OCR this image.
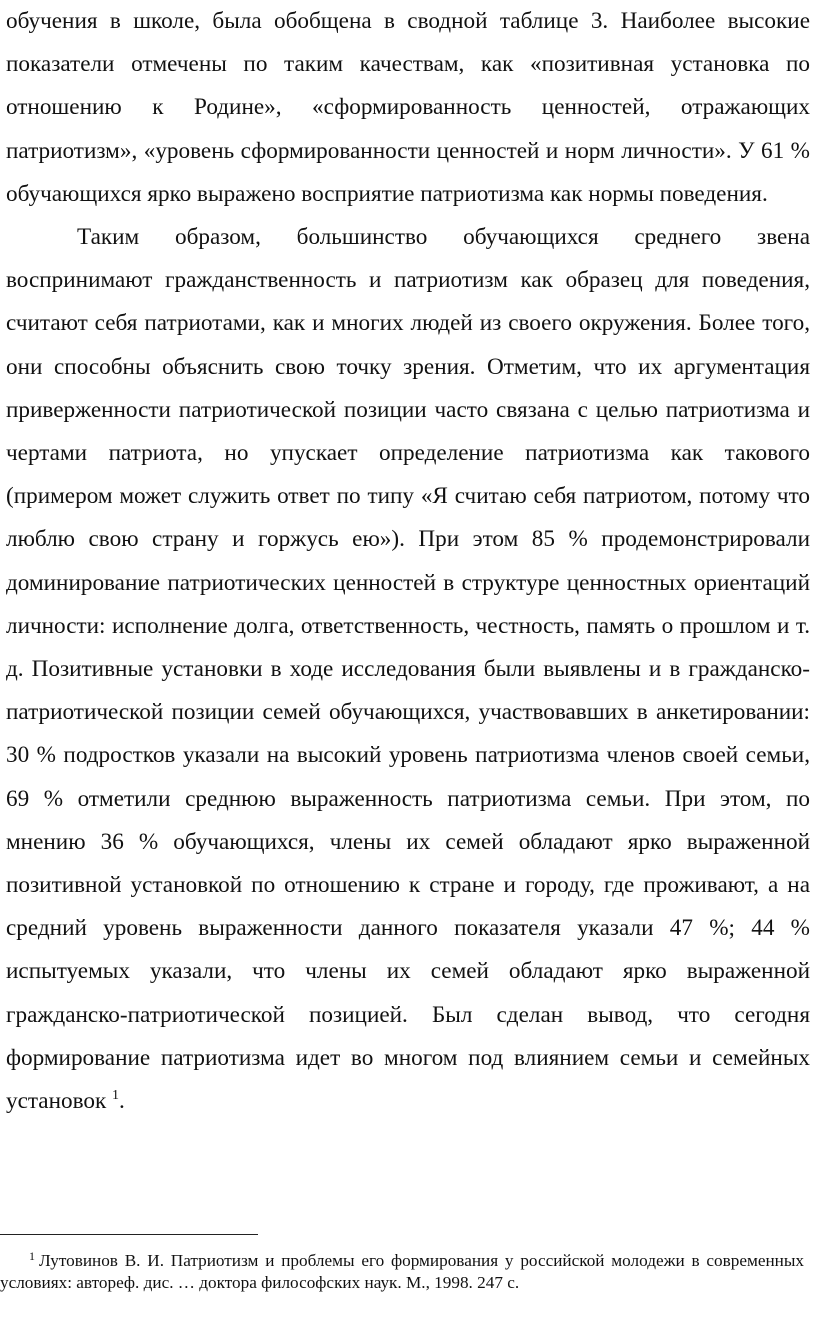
обучения в школе, была обобщена в сводной таблице 3. Наиболее высокие показатели отмечены по таким качествам, как «позитивная установка по отношению к Родине», «сформированность ценностей, отражающих патриотизм», «уровень сформированности ценностей и норм личности». У 61 % обучающихся ярко выражено восприятие патриотизма как нормы поведения.

Таким образом, большинство обучающихся среднего звена воспринимают гражданственность и патриотизм как образец для поведения, считают себя патриотами, как и многих людей из своего окружения. Более того, они способны объяснить свою точку зрения. Отметим, что их аргументация приверженности патриотической позиции часто связана с целью патриотизма и чертами патриота, но упускает определение патриотизма как такового (примером может служить ответ по типу «Я считаю себя патриотом, потому что люблю свою страну и горжусь ею»). При этом 85 % продемонстрировали доминирование патриотических ценностей в структуре ценностных ориентаций личности: исполнение долга, ответственность, честность, память о прошлом и т. д. Позитивные установки в ходе исследования были выявлены и в гражданско-патриотической позиции семей обучающихся, участвовавших в анкетировании: 30 % подростков указали на высокий уровень патриотизма членов своей семьи, 69 % отметили среднюю выраженность патриотизма семьи. При этом, по мнению 36 % обучающихся, члены их семей обладают ярко выраженной позитивной установкой по отношению к стране и городу, где проживают, а на средний уровень выраженности данного показателя указали 47 %; 44 % испытуемых указали, что члены их семей обладают ярко выраженной гражданско-патриотической позицией. Был сделан вывод, что сегодня формирование патриотизма идет во многом под влиянием семьи и семейных установок $^1$.

$^1$ Лутовинов В. И. Патриотизм и проблемы его формирования у российской молодежи в современных условиях: автореф. дис. … доктора философских наук. М., 1998. 247 с.
